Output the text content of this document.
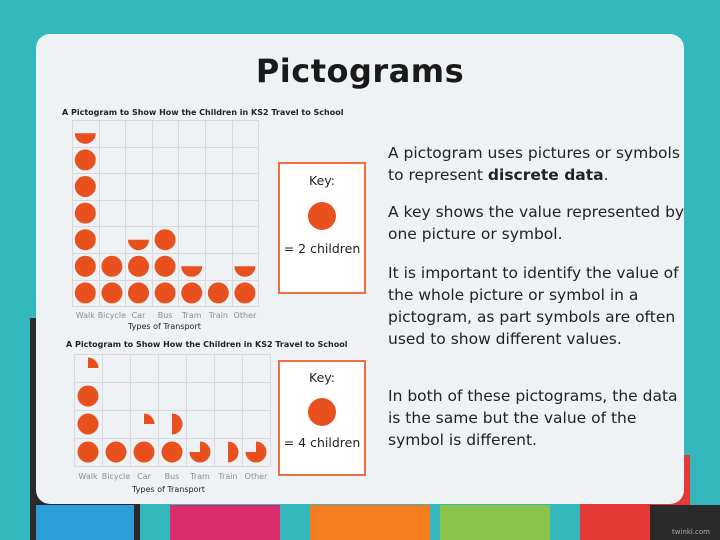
Pictograms
A Pictogram to Show How the Children in KS2 Travel to School
Walk Bicycle Car	Bus	Tram Train Other
Types of Transport
Key:
= 2 children
A Pictogram to Show How the Children in KS2 Travel to School
Walk Bicycle Car	Bus	Tram	Train Other
Types of Transport
Key:
= 4 children
A pictogram uses pictures or symbols to represent discrete data.
A key shows the value represented by one picture or symbol.
It is important to identify the value of the whole picture or symbol in a pictogram, as part symbols are often used to show different values.
In both of these pictograms, the data is the same but the value of the symbol is different.
twinkl.com
